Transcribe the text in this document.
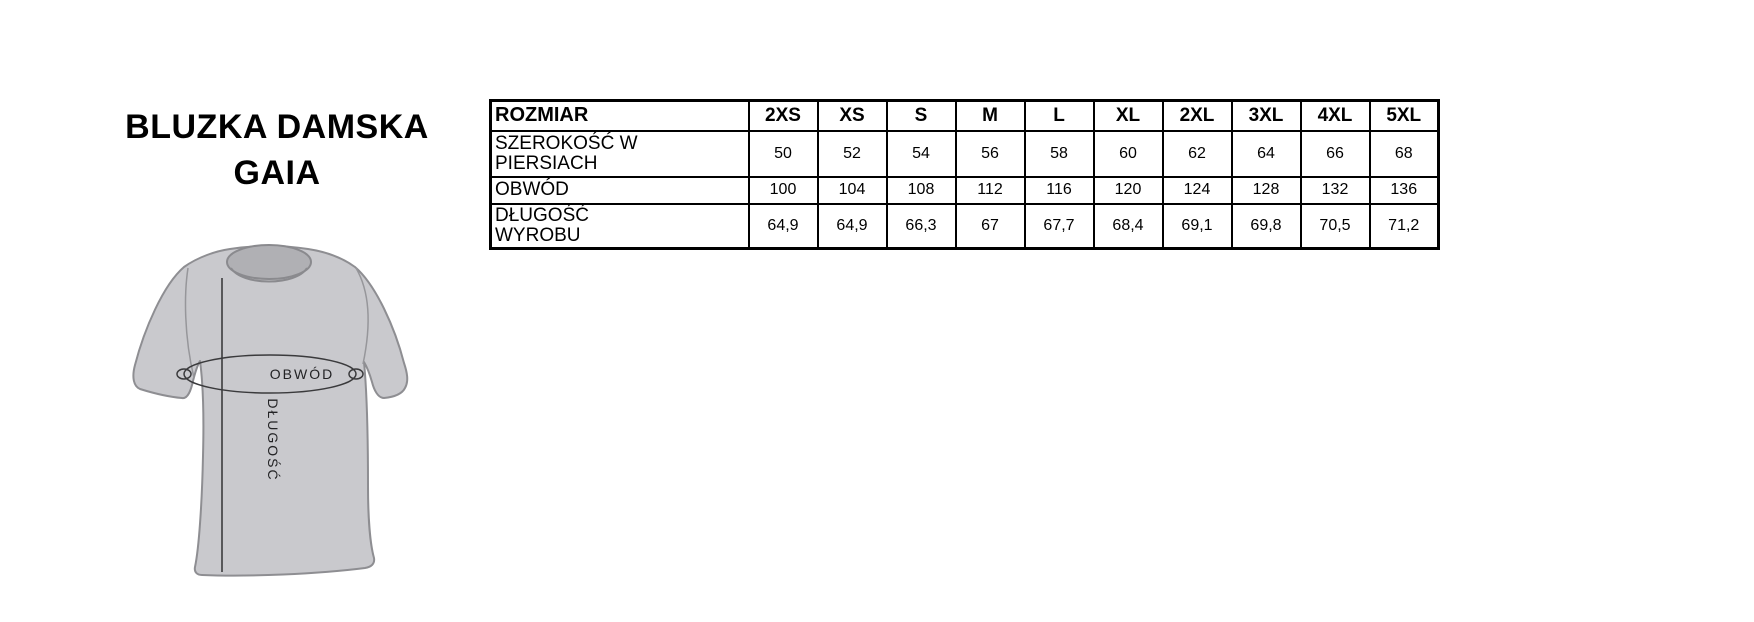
BLUZKA DAMSKA
GAIA
OBWÓD
DŁUGOŚĆ
ROZMIAR	2XS	XS	S	M	L	XL	2XL	3XL	4XL	5XL
SZEROKOŚĆ W PIERSIACH	50	52	54	56	58	60	62	64	66	68
OBWÓD	100	104	108	112	116	120	124	128	132	136
DŁUGOŚĆ WYROBU	64,9	64,9	66,3	67	67,7	68,4	69,1	69,8	70,5	71,2
